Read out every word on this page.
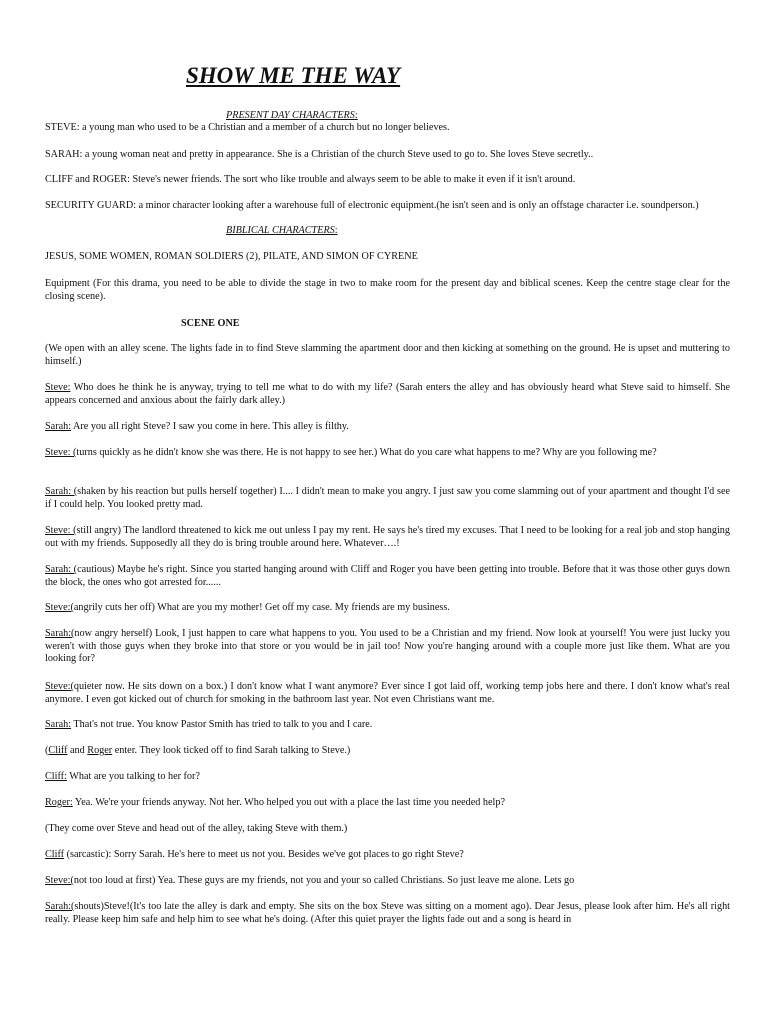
SHOW ME THE WAY
PRESENT DAY CHARACTERS:
STEVE: a young man who used to be a Christian and a member of a church but no longer believes.
SARAH: a young woman neat and pretty in appearance. She is a Christian of the church Steve used to go to. She loves Steve secretly..
CLIFF and ROGER: Steve's newer friends. The sort who like trouble and always seem to be able to make it even if it isn't around.
SECURITY GUARD: a minor character looking after a warehouse full of electronic equipment.(he isn't seen and is only an offstage character i.e. soundperson.)
BIBLICAL CHARACTERS:
JESUS, SOME WOMEN, ROMAN SOLDIERS (2), PILATE, AND SIMON OF CYRENE
Equipment (For this drama, you need to be able to divide the stage in two to make room for the present day and biblical scenes. Keep the centre stage clear for the closing scene).
SCENE ONE
(We open with an alley scene. The lights fade in to find Steve slamming the apartment door and then kicking at something on the ground. He is upset and muttering to himself.)
Steve: Who does he think he is anyway, trying to tell me what to do with my life? (Sarah enters the alley and has obviously heard what Steve said to himself. She appears concerned and anxious about the fairly dark alley.)
Sarah: Are you all right Steve? I saw you come in here. This alley is filthy.
Steve: (turns quickly as he didn't know she was there. He is not happy to see her.) What do you care what happens to me? Why are you following me?
Sarah: (shaken by his reaction but pulls herself together) I.... I didn't mean to make you angry. I just saw you come slamming out of your apartment and thought I'd see if I could help. You looked pretty mad.
Steve: (still angry) The landlord threatened to kick me out unless I pay my rent. He says he's tired my excuses. That I need to be looking for a real job and stop hanging out with my friends. Supposedly all they do is bring trouble around here. Whatever….!
Sarah: (cautious) Maybe he's right. Since you started hanging around with Cliff and Roger you have been getting into trouble. Before that it was those other guys down the block, the ones who got arrested for......
Steve:(angrily cuts her off) What are you my mother! Get off my case. My friends are my business.
Sarah:(now angry herself) Look, I just happen to care what happens to you. You used to be a Christian and my friend. Now look at yourself! You were just lucky you weren't with those guys when they broke into that store or you would be in jail too! Now you're hanging around with a couple more just like them. What are you looking for?
Steve:(quieter now. He sits down on a box.) I don't know what I want anymore? Ever since I got laid off, working temp jobs here and there. I don't know what's real anymore. I even got kicked out of church for smoking in the bathroom last year. Not even Christians want me.
Sarah: That's not true. You know Pastor Smith has tried to talk to you and I care.
(Cliff and Roger enter. They look ticked off to find Sarah talking to Steve.)
Cliff: What are you talking to her for?
Roger: Yea. We're your friends anyway. Not her. Who helped you out with a place the last time you needed help?
(They come over Steve and head out of the alley, taking Steve with them.)
Cliff (sarcastic): Sorry Sarah. He's here to meet us not you. Besides we've got places to go right Steve?
Steve:(not too loud at first) Yea. These guys are my friends, not you and your so called Christians. So just leave me alone. Lets go
Sarah:(shouts)Steve!(It's too late the alley is dark and empty. She sits on the box Steve was sitting on a moment ago). Dear Jesus, please look after him. He's all right really. Please keep him safe and help him to see what he's doing. (After this quiet prayer the lights fade out and a song is heard in
